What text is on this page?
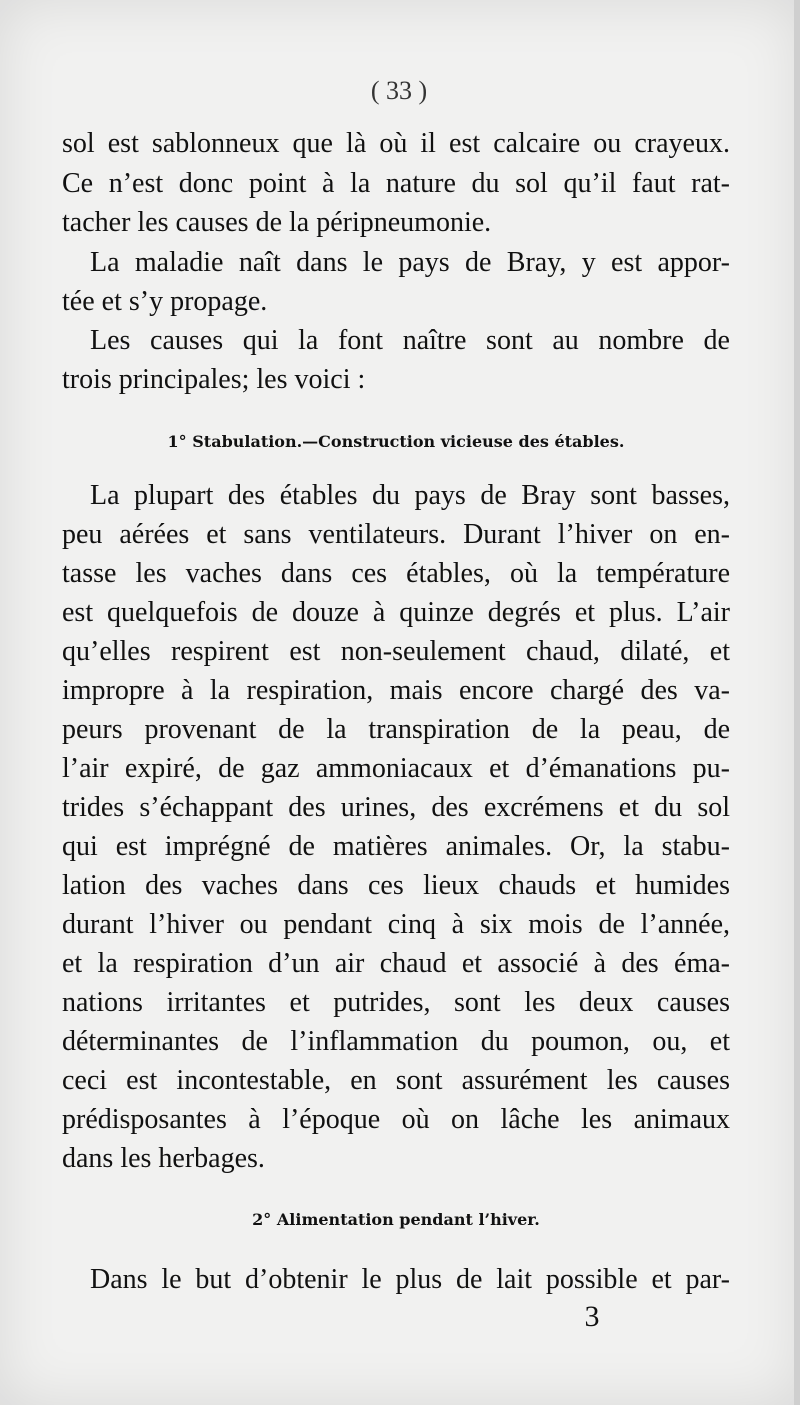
( 33 )
sol est sablonneux que là où il est calcaire ou crayeux.
Ce n’est donc point à la nature du sol qu’il faut rat-
tacher les causes de la péripneumonie.
La maladie naît dans le pays de Bray, y est appor-
tée et s’y propage.
Les causes qui la font naître sont au nombre de
trois principales; les voici :
1° Stabulation.—Construction vicieuse des étables.
La plupart des étables du pays de Bray sont basses,
peu aérées et sans ventilateurs. Durant l’hiver on en-
tasse les vaches dans ces étables, où la température
est quelquefois de douze à quinze degrés et plus. L’air
qu’elles respirent est non-seulement chaud, dilaté, et
impropre à la respiration, mais encore chargé des va-
peurs provenant de la transpiration de la peau, de
l’air expiré, de gaz ammoniacaux et d’émanations pu-
trides s’échappant des urines, des excrémens et du sol
qui est imprégné de matières animales. Or, la stabu-
lation des vaches dans ces lieux chauds et humides
durant l’hiver ou pendant cinq à six mois de l’année,
et la respiration d’un air chaud et associé à des éma-
nations irritantes et putrides, sont les deux causes
déterminantes de l’inflammation du poumon, ou, et
ceci est incontestable, en sont assurément les causes
prédisposantes à l’époque où on lâche les animaux
dans les herbages.
2° Alimentation pendant l’hiver.
Dans le but d’obtenir le plus de lait possible et par-
3
